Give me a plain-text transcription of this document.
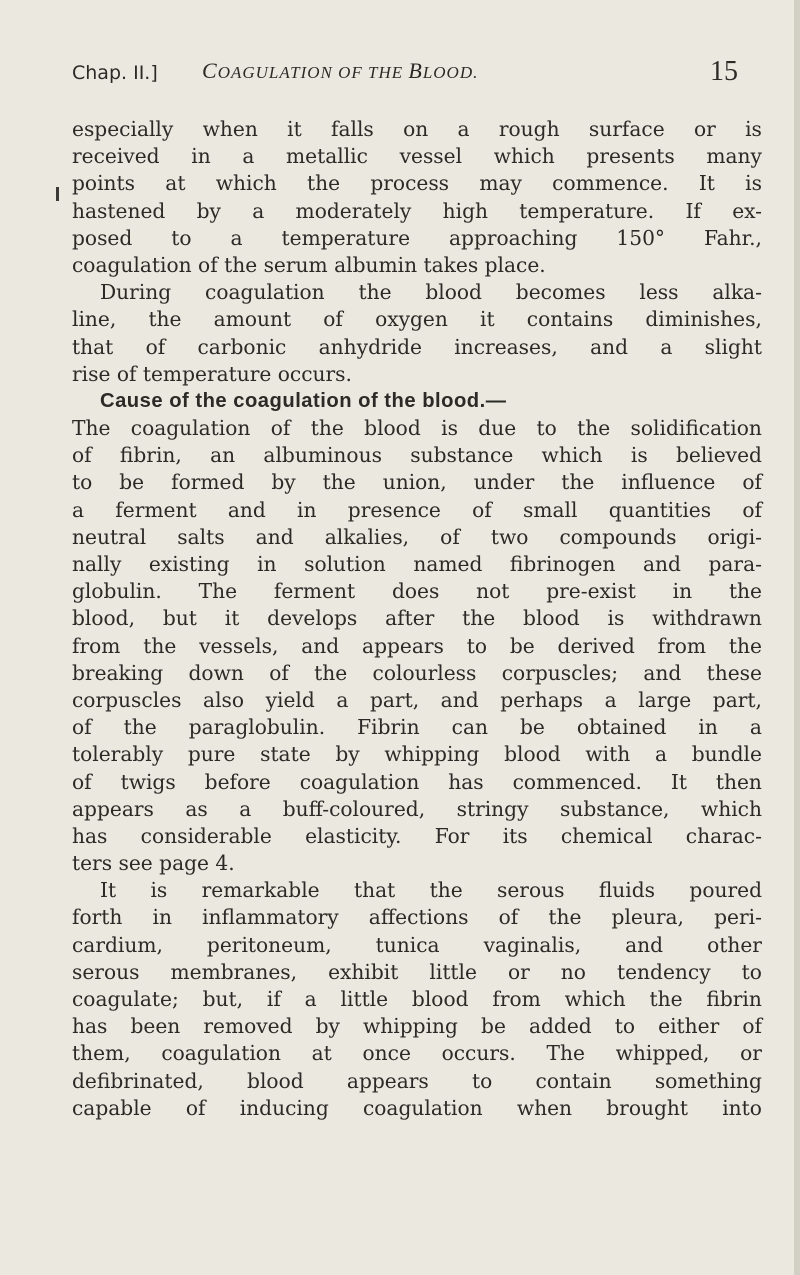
Chap. II.] COAGULATION OF THE BLOOD.	15
especially when it falls on a rough surface or is
received in a metallic vessel which presents many
points at which the process may commence. It is
hastened by a moderately high temperature. If ex-
posed to a temperature approaching 150° Fahr.,
coagulation of the serum albumin takes place.
During coagulation the blood becomes less alka-
line, the amount of oxygen it contains diminishes,
that of carbonic anhydride increases, and a slight
rise of temperature occurs.
Cause of the coagulation of the blood.—
The coagulation of the blood is due to the solidification
of fibrin, an albuminous substance which is believed
to be formed by the union, under the influence of
a ferment and in presence of small quantities of
neutral salts and alkalies, of two compounds origi-
nally existing in solution named fibrinogen and para-
globulin. The ferment does not pre-exist in the
blood, but it develops after the blood is withdrawn
from the vessels, and appears to be derived from the
breaking down of the colourless corpuscles; and these
corpuscles also yield a part, and perhaps a large part,
of the paraglobulin. Fibrin can be obtained in a
tolerably pure state by whipping blood with a bundle
of twigs before coagulation has commenced. It then
appears as a buff-coloured, stringy substance, which
has considerable elasticity. For its chemical charac-
ters see page 4.
It is remarkable that the serous fluids poured
forth in inflammatory affections of the pleura, peri-
cardium, peritoneum, tunica vaginalis, and other
serous membranes, exhibit little or no tendency to
coagulate; but, if a little blood from which the fibrin
has been removed by whipping be added to either of
them, coagulation at once occurs. The whipped, or
defibrinated, blood appears to contain something
capable of inducing coagulation when brought into
